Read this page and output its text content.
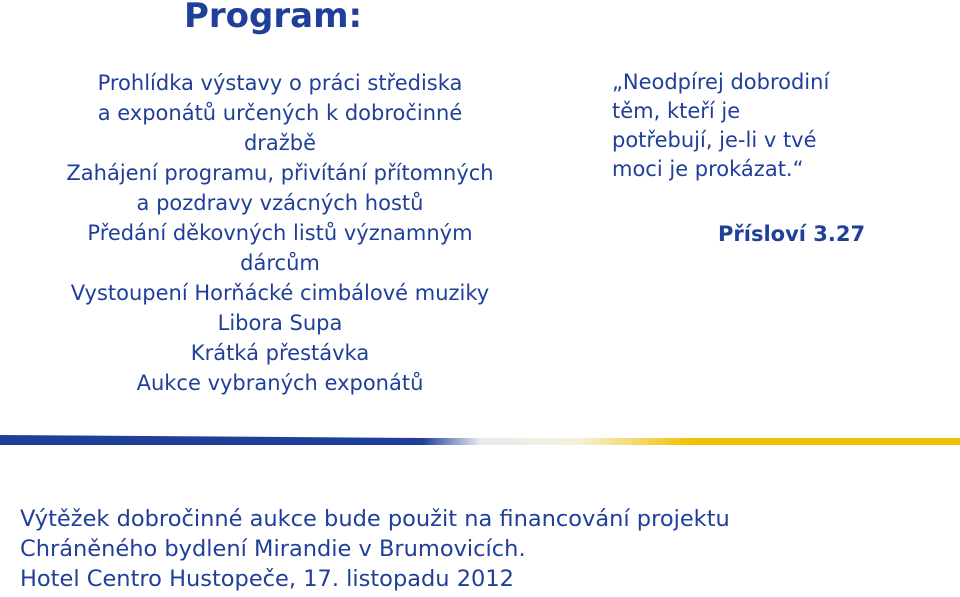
Program:
Prohlídka výstavy o práci střediska
a exponátů určených k dobročinné
dražbě
Zahájení programu, přivítání přítomných
a pozdravy vzácných hostů
Předání děkovných listů významným
dárcům
Vystoupení Horňácké cimbálové muziky
Libora Supa
Krátká přestávka
Aukce vybraných exponátů
„Neodpírej dobrodiní
těm, kteří je
potřebují, je-li v tvé
moci je prokázat.“
Přísloví 3.27
Výtěžek dobročinné aukce bude použit na financování projektu
Chráněného bydlení Mirandie v Brumovicích.
Hotel Centro Hustopeče, 17. listopadu 2012
